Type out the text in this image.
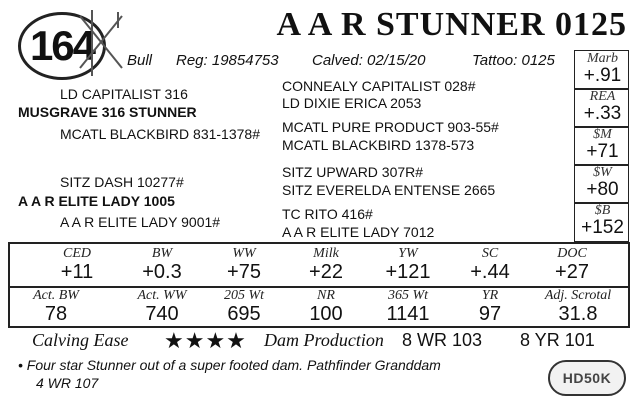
164	A A R STUNNER 0125
Bull Reg: 19854753 Calved: 02/15/20	Tattoo: 0125
LD CAPITALIST 316
MUSGRAVE 316 STUNNER
MCATL BLACKBIRD 831-1378#
CONNEALY CAPITALIST 028#
LD DIXIE ERICA 2053
MCATL PURE PRODUCT 903-55#
MCATL BLACKBIRD 1378-573
SITZ DASH 10277#
A A R ELITE LADY 1005
A A R ELITE LADY 9001#
SITZ UPWARD 307R#
SITZ EVERELDA ENTENSE 2665
TC RITO 416#
A A R ELITE LADY 7012
Marb
+.91
REA
+.33
$M
+71
$W
+80
$B
+152
CED
+11
BW
+0.3
WW
+75
Milk
+22
YW
+121
SC
+.44
DOC
+27
Act. BW
78
Act. WW
740
205 Wt
695
NR
100
365 Wt
1141
YR
97
Adj. Scrotal
31.8
Calving Ease ★★★★ Dam Production 8 WR 103 8 YR 101
• Four star Stunner out of a super footed dam. Pathfinder Granddam
4 WR 107	HD50K
